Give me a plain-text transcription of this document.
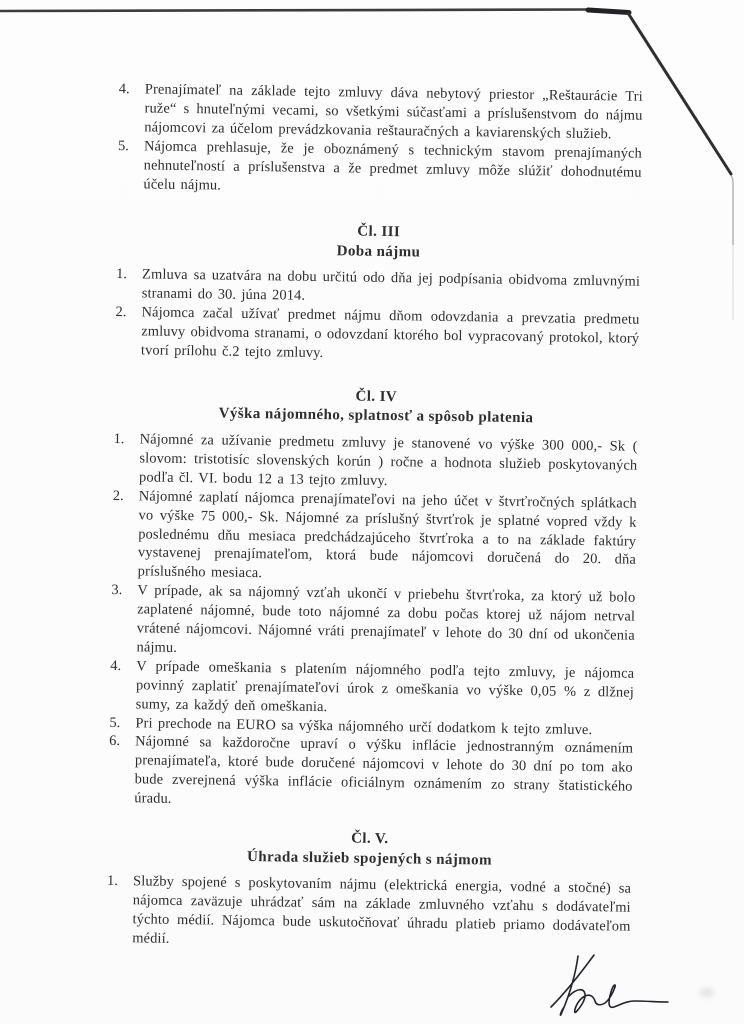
4.	Prenajímateľ na základe tejto zmluvy dáva nebytový priestor „Reštaurácie Tri ruže“ s hnuteľnými vecami, so všetkými súčasťami a príslušenstvom do nájmu nájomcovi za účelom prevádzkovania reštauračných a kaviarenských služieb.
5.	Nájomca prehlasuje, že je oboznámený s technickým stavom prenajímaných nehnuteľností a príslušenstva a že predmet zmluvy môže slúžiť dohodnutému účelu nájmu.
Čl. III
Doba nájmu
1.	Zmluva sa uzatvára na dobu určitú odo dňa jej podpísania obidvoma zmluvnými stranami do 30. júna 2014.
2.	Nájomca začal užívať predmet nájmu dňom odovzdania a prevzatia predmetu zmluvy obidvoma stranami, o odovzdaní ktorého bol vypracovaný protokol, ktorý tvorí prílohu č.2 tejto zmluvy.
Čl. IV
Výška nájomného, splatnosť a spôsob platenia
1.	Nájomné za užívanie predmetu zmluvy je stanovené vo výške 300 000,- Sk ( slovom: tristotisíc slovenských korún ) ročne a hodnota služieb poskytovaných podľa čl. VI. bodu 12 a 13 tejto zmluvy.
2.	Nájomné zaplatí nájomca prenajímateľovi na jeho účet v štvrťročných splátkach vo výške 75 000,- Sk. Nájomné za príslušný štvrťrok je splatné vopred vždy k poslednému dňu mesiaca predchádzajúceho štvrťroka a to na základe faktúry vystavenej prenajímateľom, ktorá bude nájomcovi doručená do 20. dňa príslušného mesiaca.
3.	V prípade, ak sa nájomný vzťah ukončí v priebehu štvrťroka, za ktorý už bolo zaplatené nájomné, bude toto nájomné za dobu počas ktorej už nájom netrval vrátené nájomcovi. Nájomné vráti prenajímateľ v lehote do 30 dní od ukončenia nájmu.
4.	V prípade omeškania s platením nájomného podľa tejto zmluvy, je nájomca povinný zaplatiť prenajímateľovi úrok z omeškania vo výške 0,05 % z dlžnej sumy, za každý deň omeškania.
5.	Pri prechode na EURO sa výška nájomného určí dodatkom k tejto zmluve.
6.	Nájomné sa každoročne upraví o výšku inflácie jednostranným oznámením prenajímateľa, ktoré bude doručené nájomcovi v lehote do 30 dní po tom ako bude zverejnená výška inflácie oficiálnym oznámením zo strany štatistického úradu.
Čl. V.
Úhrada služieb spojených s nájmom
1.	Služby spojené s poskytovaním nájmu (elektrická energia, vodné a stočné) sa nájomca zaväzuje uhrádzať sám na základe zmluvného vzťahu s dodávateľmi týchto médií. Nájomca bude uskutočňovať úhradu platieb priamo dodávateľom médií.
